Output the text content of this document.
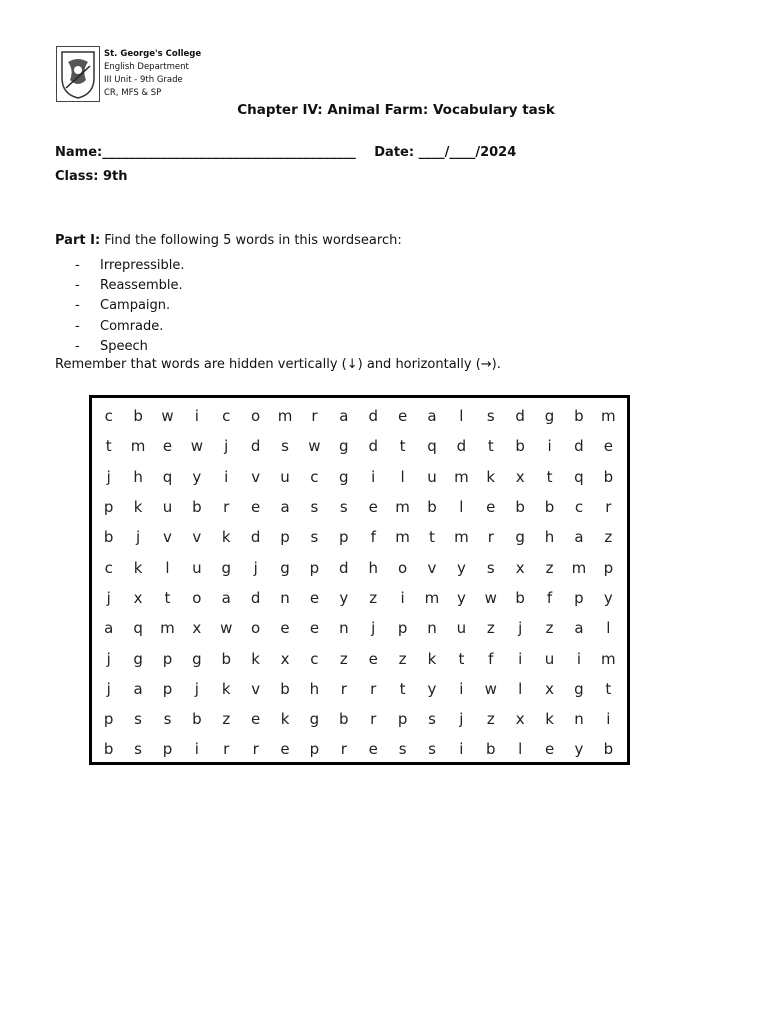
St. George's College
English Department
III Unit - 9th Grade
CR, MFS & SP
Chapter IV: Animal Farm: Vocabulary task
Name:_______________________________________ Date: ____/____/2024
Class: 9th
Part I: Find the following 5 words in this wordsearch:
-	Irrepressible.
-	Reassemble.
-	Campaign.
-	Comrade.
-	Speech
Remember that words are hidden vertically (↓) and horizontally (→).
c	b	w	i	c	o	m	r	a	d	e	a	l	s	d	g	b	m
t	m	e	w	j	d	s	w	g	d	t	q	d	t	b	i	d	e
j	h	q	y	i	v	u	c	g	i	l	u	m	k	x	t	q	b
p	k	u	b	r	e	a	s	s	e	m	b	l	e	b	b	c	r
b	j	v	v	k	d	p	s	p	f	m	t	m	r	g	h	a	z
c	k	l	u	g	j	g	p	d	h	o	v	y	s	x	z	m	p
j	x	t	o	a	d	n	e	y	z	i	m	y	w	b	f	p	y
a	q	m	x	w	o	e	e	n	j	p	n	u	z	j	z	a	l
j	g	p	g	b	k	x	c	z	e	z	k	t	f	i	u	i	m
j	a	p	j	k	v	b	h	r	r	t	y	i	w	l	x	g	t
p	s	s	b	z	e	k	g	b	r	p	s	j	z	x	k	n	i
b	s	p	i	r	r	e	p	r	e	s	s	i	b	l	e	y	b
